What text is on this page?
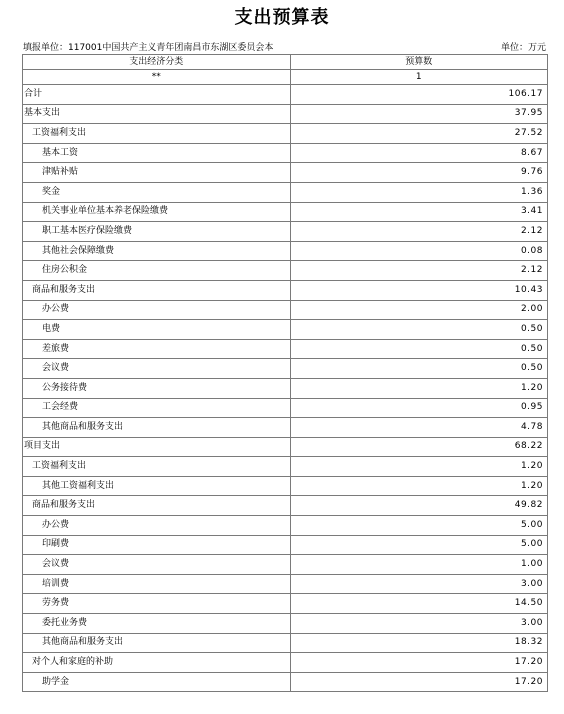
支出预算表
填报单位：117001中国共产主义青年团南昌市东湖区委员会本	单位：万元
支出经济分类	预算数
**	1
合计	106.17
基本支出	37.95
工资福利支出	27.52
基本工资	8.67
津贴补贴	9.76
奖金	1.36
机关事业单位基本养老保险缴费	3.41
职工基本医疗保险缴费	2.12
其他社会保障缴费	0.08
住房公积金	2.12
商品和服务支出	10.43
办公费	2.00
电费	0.50
差旅费	0.50
会议费	0.50
公务接待费	1.20
工会经费	0.95
其他商品和服务支出	4.78
项目支出	68.22
工资福利支出	1.20
其他工资福利支出	1.20
商品和服务支出	49.82
办公费	5.00
印刷费	5.00
会议费	1.00
培训费	3.00
劳务费	14.50
委托业务费	3.00
其他商品和服务支出	18.32
对个人和家庭的补助	17.20
助学金	17.20
